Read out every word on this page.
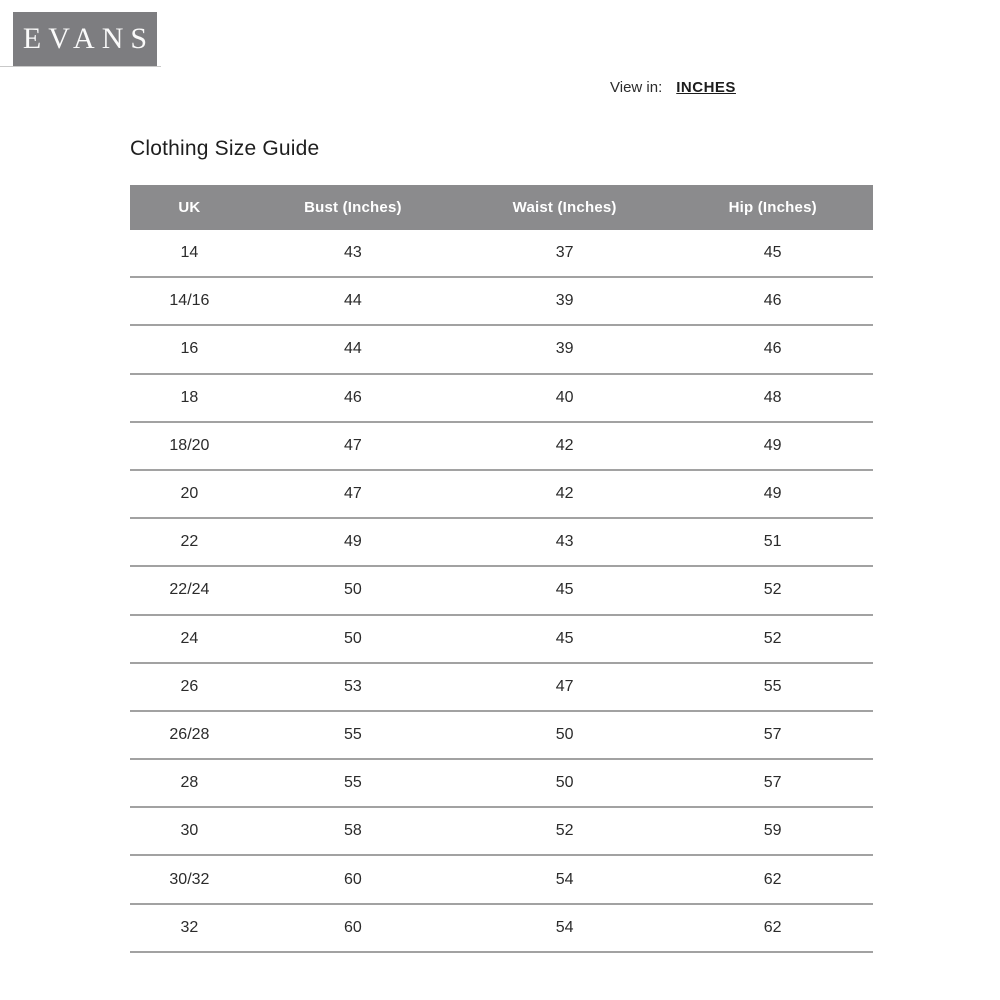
EVANS
View in: INCHES
Clothing Size Guide
UK	Bust (Inches)	Waist (Inches)	Hip (Inches)
14	43	37	45
14/16	44	39	46
16	44	39	46
18	46	40	48
18/20	47	42	49
20	47	42	49
22	49	43	51
22/24	50	45	52
24	50	45	52
26	53	47	55
26/28	55	50	57
28	55	50	57
30	58	52	59
30/32	60	54	62
32	60	54	62
